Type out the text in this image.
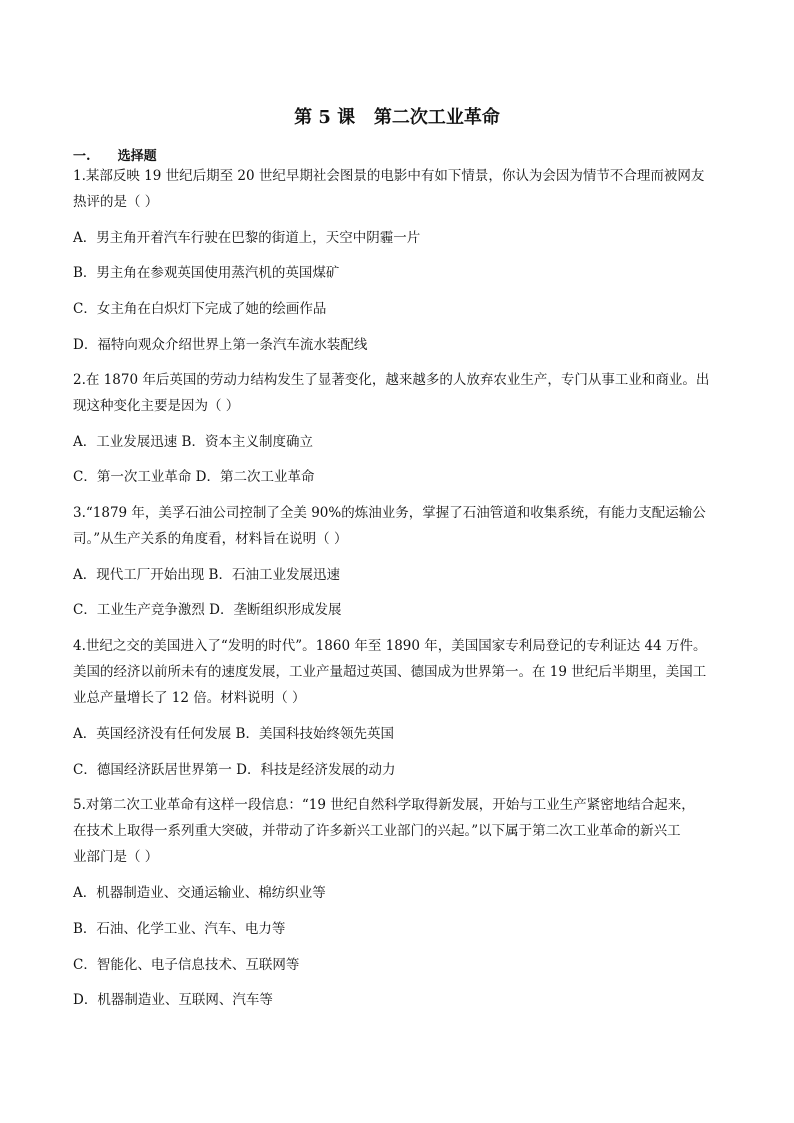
第 5 课   第二次工业革命
一.      选择题
1.某部反映 19 世纪后期至 20 世纪早期社会图景的电影中有如下情景，你认为会因为情节不合理而被网友
热评的是（ ）
A．男主角开着汽车行驶在巴黎的街道上，天空中阴霾一片
B．男主角在参观英国使用蒸汽机的英国煤矿
C．女主角在白炽灯下完成了她的绘画作品
D．福特向观众介绍世界上第一条汽车流水装配线
2.在 1870 年后英国的劳动力结构发生了显著变化，越来越多的人放弃农业生产，专门从事工业和商业。出
现这种变化主要是因为（ ）
A．工业发展迅速 B．资本主义制度确立
C．第一次工业革命 D．第二次工业革命
3.“1879 年，美孚石油公司控制了全美 90%的炼油业务，掌握了石油管道和收集系统，有能力支配运输公
司。”从生产关系的角度看，材料旨在说明（ ）
A．现代工厂开始出现 B．石油工业发展迅速
C．工业生产竞争激烈 D．垄断组织形成发展
4.世纪之交的美国进入了“发明的时代”。1860 年至 1890 年，美国国家专利局登记的专利证达 44 万件。
美国的经济以前所未有的速度发展，工业产量超过英国、德国成为世界第一。在 19 世纪后半期里，美国工
业总产量增长了 12 倍。材料说明（ ）
A．英国经济没有任何发展 B．美国科技始终领先英国
C．德国经济跃居世界第一 D．科技是经济发展的动力
5.对第二次工业革命有这样一段信息：“19 世纪自然科学取得新发展，开始与工业生产紧密地结合起来，
在技术上取得一系列重大突破，并带动了许多新兴工业部门的兴起。”以下属于第二次工业革命的新兴工
业部门是（ ）
A．机器制造业、交通运输业、棉纺织业等
B．石油、化学工业、汽车、电力等
C．智能化、电子信息技术、互联网等
D．机器制造业、互联网、汽车等
